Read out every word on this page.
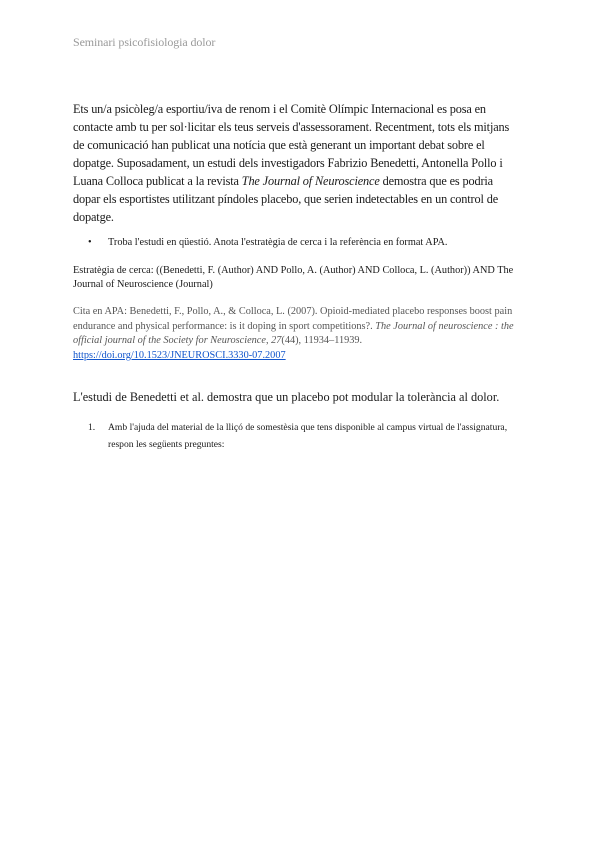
Seminari psicofisiologia dolor
Ets un/a psicòleg/a esportiu/iva de renom i el Comitè Olímpic Internacional es posa en contacte amb tu per sol·licitar els teus serveis d'assessorament. Recentment, tots els mitjans de comunicació han publicat una notícia que està generant un important debat sobre el dopatge. Suposadament, un estudi dels investigadors Fabrizio Benedetti, Antonella Pollo i Luana Colloca publicat a la revista The Journal of Neuroscience demostra que es podria dopar els esportistes utilitzant píndoles placebo, que serien indetectables en un control de dopatge.
•	Troba l'estudi en qüestió. Anota l'estratègia de cerca i la referència en format APA.
Estratègia de cerca: ((Benedetti, F. (Author) AND Pollo, A. (Author) AND Colloca, L. (Author)) AND The Journal of Neuroscience (Journal)
Cita en APA: Benedetti, F., Pollo, A., & Colloca, L. (2007). Opioid-mediated placebo responses boost pain endurance and physical performance: is it doping in sport competitions?. The Journal of neuroscience : the official journal of the Society for Neuroscience, 27(44), 11934–11939. https://doi.org/10.1523/JNEUROSCI.3330-07.2007
L'estudi de Benedetti et al. demostra que un placebo pot modular la tolerància al dolor.
1.	Amb l'ajuda del material de la lliçó de somestèsia que tens disponible al campus virtual de l'assignatura, respon les següents preguntes:
